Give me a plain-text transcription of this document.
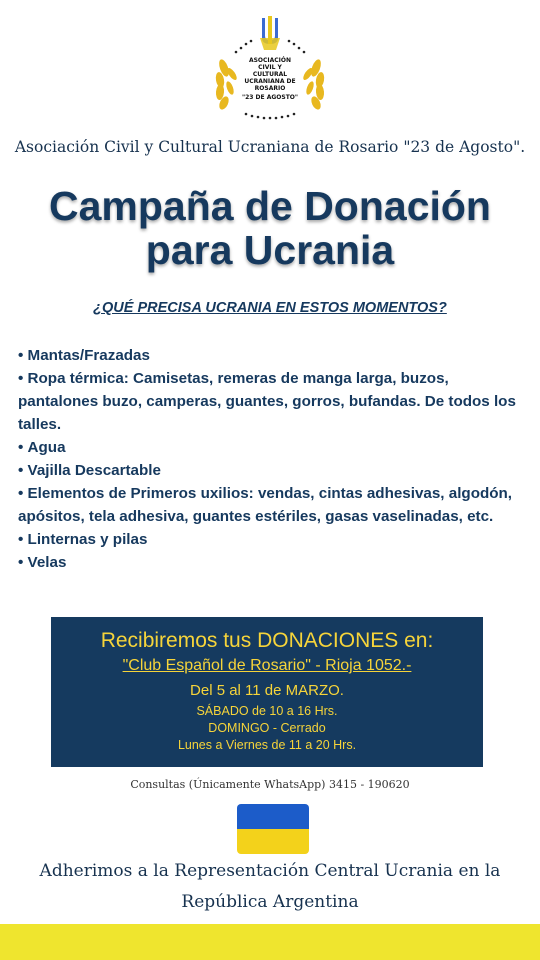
ASOCIACIÓN
CIVIL Y
CULTURAL
UCRANIANA DE
ROSARIO
"23 DE AGOSTO"
Asociación Civil y Cultural Ucraniana de Rosario "23 de Agosto".
Campaña de Donación
para Ucrania
¿QUÉ PRECISA UCRANIA EN ESTOS MOMENTOS?
• Mantas/Frazadas
• Ropa térmica: Camisetas, remeras de manga larga, buzos, pantalones buzo, camperas, guantes, gorros, bufandas. De todos los talles.
• Agua
• Vajilla Descartable
• Elementos de Primeros uxilios: vendas, cintas adhesivas, algodón, apósitos, tela adhesiva, guantes estériles, gasas vaselinadas, etc.
• Linternas y pilas
• Velas
Recibiremos tus DONACIONES en:
"Club Español de Rosario" - Rioja 1052.-
Del 5 al 11 de MARZO.
SÁBADO de 10 a 16 Hrs.
DOMINGO - Cerrado
Lunes a Viernes de 11 a 20 Hrs.
Consultas (Únicamente WhatsApp) 3415 - 190620
Adherimos a la Representación Central Ucrania en la
República Argentina
